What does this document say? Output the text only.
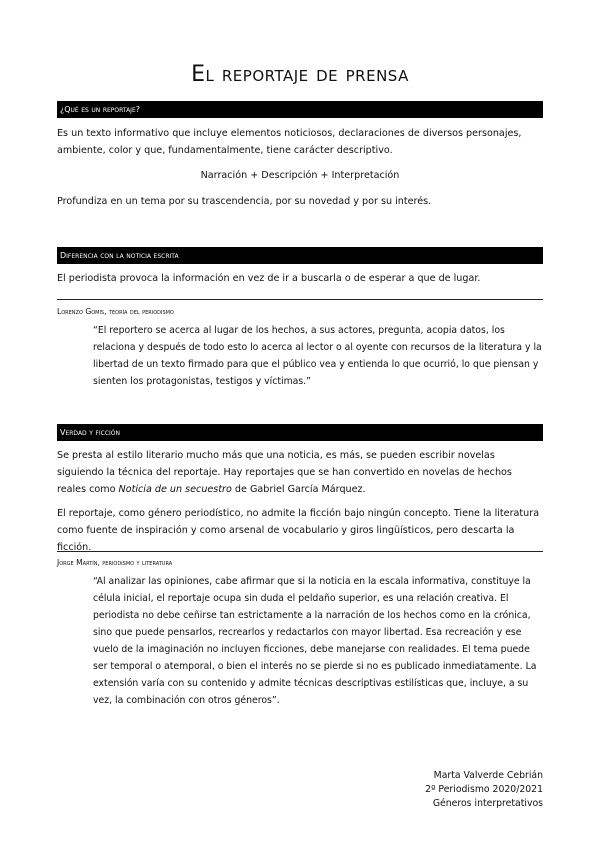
El reportaje de prensa
¿Qué es un reportaje?
Es un texto informativo que incluye elementos noticiosos, declaraciones de diversos personajes, ambiente, color y que, fundamentalmente, tiene carácter descriptivo.
Narración + Descripción + Interpretación
Profundiza en un tema por su trascendencia, por su novedad y por su interés.
Diferencia con la noticia escrita
El periodista provoca la información en vez de ir a buscarla o de esperar a que de lugar.
Lorenzo Gomis, teoría del periodismo
“El reportero se acerca al lugar de los hechos, a sus actores, pregunta, acopia datos, los relaciona y después de todo esto lo acerca al lector o al oyente con recursos de la literatura y la libertad de un texto firmado para que el público vea y entienda lo que ocurrió, lo que piensan y sienten los protagonistas, testigos y víctimas.”
Verdad y ficción
Se presta al estilo literario mucho más que una noticia, es más, se pueden escribir novelas siguiendo la técnica del reportaje. Hay reportajes que se han convertido en novelas de hechos reales como Noticia de un secuestro de Gabriel García Márquez.
El reportaje, como género periodístico, no admite la ficción bajo ningún concepto. Tiene la literatura como fuente de inspiración y como arsenal de vocabulario y giros lingüísticos, pero descarta la ficción.
Jorge Martín, periodismo y literatura
“Al analizar las opiniones, cabe afirmar que si la noticia en la escala informativa, constituye la célula inicial, el reportaje ocupa sin duda el peldaño superior, es una relación creativa. El periodista no debe ceñirse tan estrictamente a la narración de los hechos como en la crónica, sino que puede pensarlos, recrearlos y redactarlos con mayor libertad. Esa recreación y ese vuelo de la imaginación no incluyen ficciones, debe manejarse con realidades. El tema puede ser temporal o atemporal, o bien el interés no se pierde si no es publicado inmediatamente. La extensión varía con su contenido y admite técnicas descriptivas estilísticas que, incluye, a su vez, la combinación con otros géneros”.
Marta Valverde Cebrián
2º Periodismo 2020/2021
Géneros interpretativos
